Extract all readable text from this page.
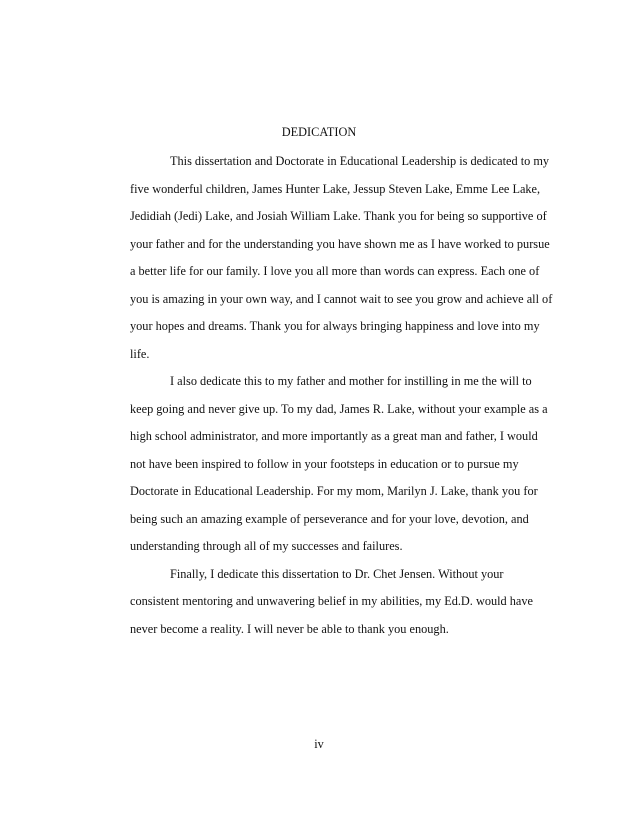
DEDICATION
This dissertation and Doctorate in Educational Leadership is dedicated to my
five wonderful children, James Hunter Lake, Jessup Steven Lake, Emme Lee Lake,
Jedidiah (Jedi) Lake, and Josiah William Lake. Thank you for being so supportive of
your father and for the understanding you have shown me as I have worked to pursue
a better life for our family. I love you all more than words can express. Each one of
you is amazing in your own way, and I cannot wait to see you grow and achieve all of
your hopes and dreams. Thank you for always bringing happiness and love into my
life.
I also dedicate this to my father and mother for instilling in me the will to
keep going and never give up. To my dad, James R. Lake, without your example as a
high school administrator, and more importantly as a great man and father, I would
not have been inspired to follow in your footsteps in education or to pursue my
Doctorate in Educational Leadership. For my mom, Marilyn J. Lake, thank you for
being such an amazing example of perseverance and for your love, devotion, and
understanding through all of my successes and failures.
Finally, I dedicate this dissertation to Dr. Chet Jensen. Without your
consistent mentoring and unwavering belief in my abilities, my Ed.D. would have
never become a reality. I will never be able to thank you enough.
iv
